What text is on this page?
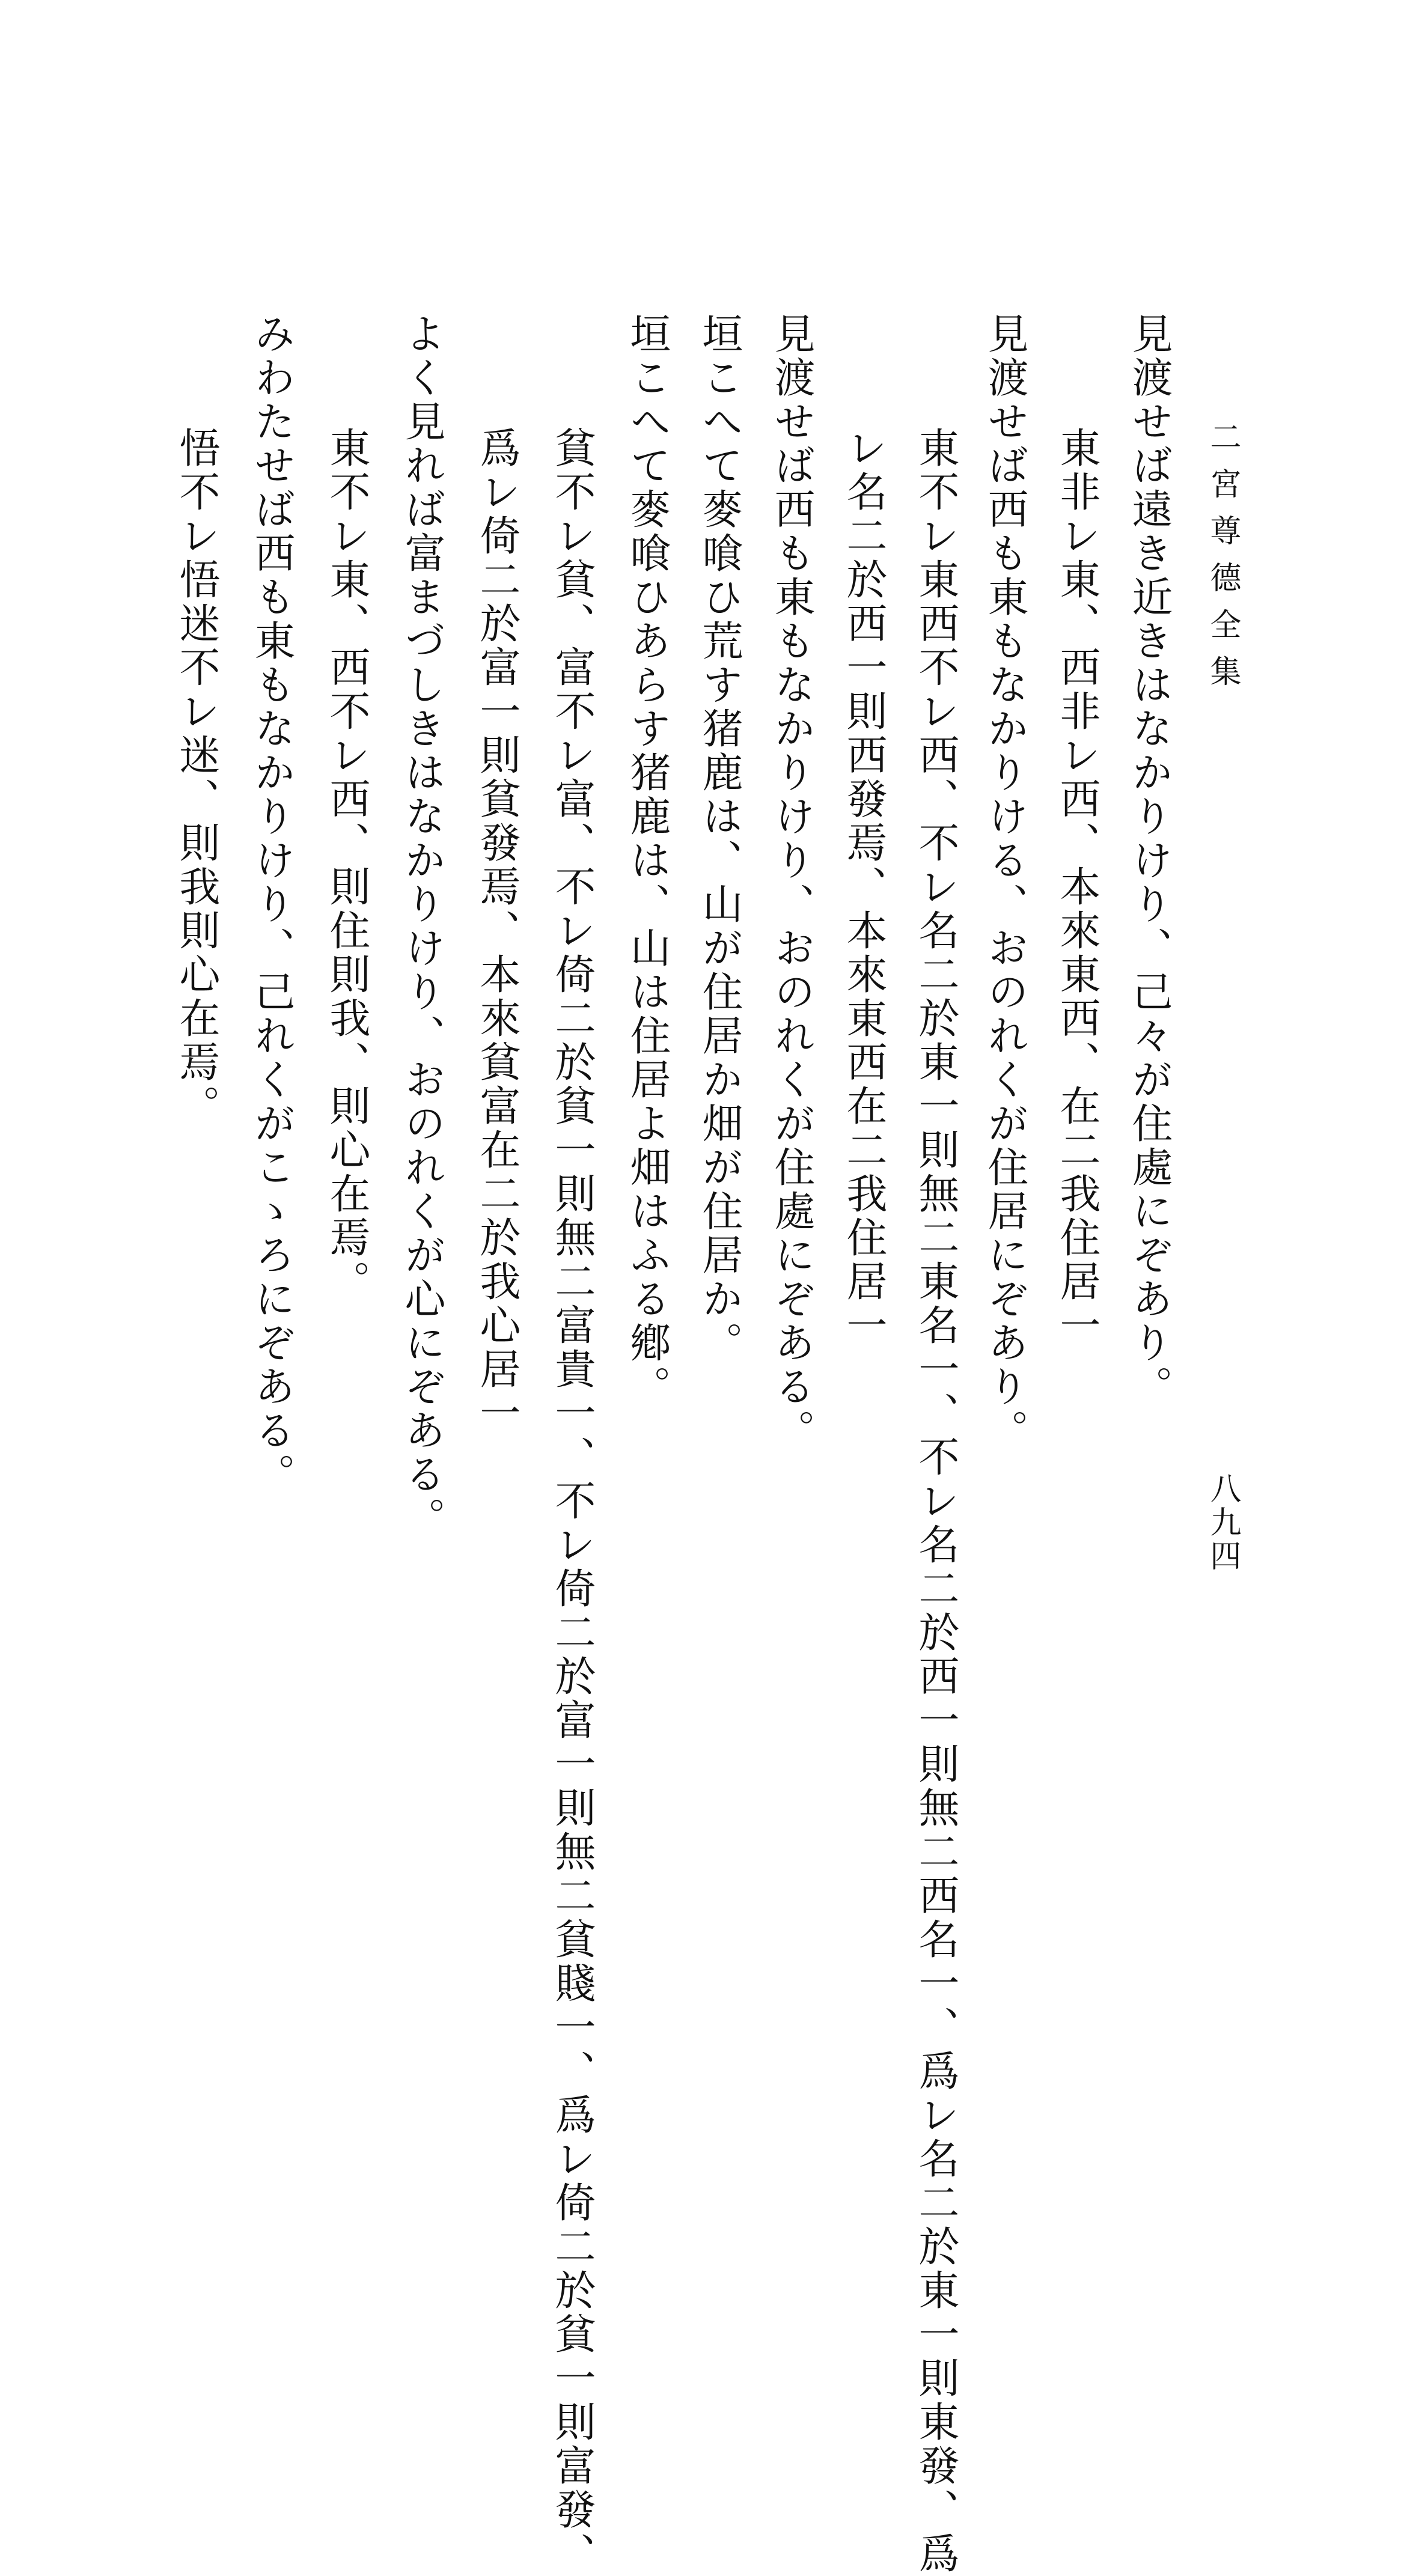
二宮尊德全集
八九四
見渡せば遠き近きはなかりけり、己々が住處にぞあり。
東非レ東、西非レ西、本來東西、在二我住居一
見渡せば西も東もなかりける、おのれくが住居にぞあり。
東不レ東西不レ西、不レ名二於東一則無二東名一、不レ名二於西一則無二西名一、爲レ名二於東一則東發、爲
レ名二於西一則西發焉、本來東西在二我住居一
見渡せば西も東もなかりけり、おのれくが住處にぞある。
垣こへて麥喰ひ荒す猪鹿は、山が住居か畑が住居か。
垣こへて麥喰ひあらす猪鹿は、山は住居よ畑はふる鄕。
貧不レ貧、富不レ富、不レ倚二於貧一則無二富貴一、不レ倚二於富一則無二貧賤一、爲レ倚二於貧一則富發、
爲レ倚二於富一則貧發焉、本來貧富在二於我心居一
よく見れば富まづしきはなかりけり、おのれくが心にぞある。
東不レ東、西不レ西、則住則我、則心在焉。
みわたせば西も東もなかりけり、己れくがこゝろにぞある。
悟不レ悟迷不レ迷、則我則心在焉。
